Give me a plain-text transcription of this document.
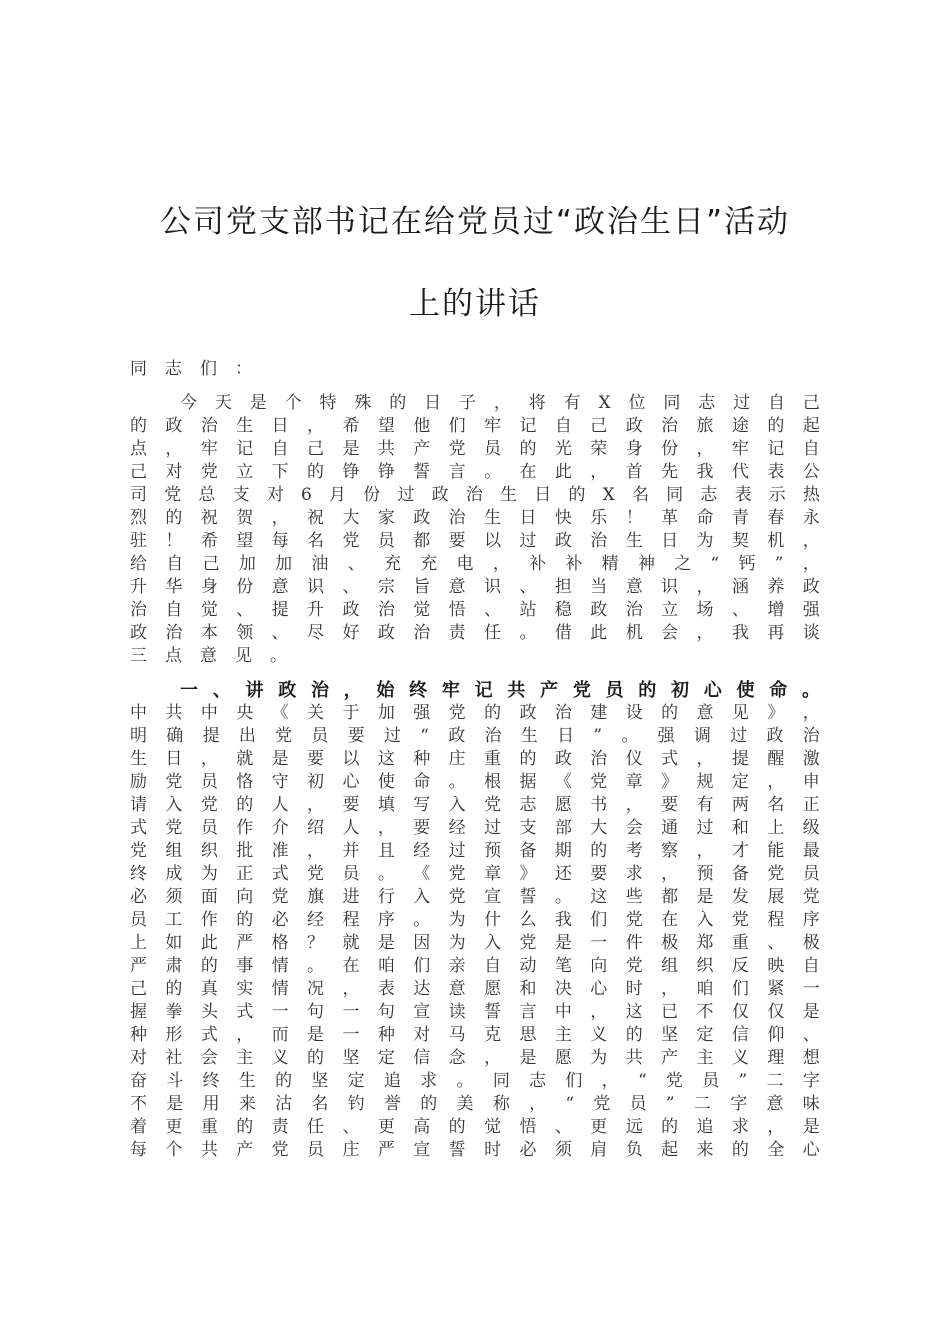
公司党支部书记在给党员过“政治生日”活动
上的讲话
同 志 们 ：
今 天 是 个 特 殊 的 日 子 ， 将 有 X 位 同 志 过 自 己
的 政 治 生 日 ， 希 望 他 们 牢 记 自 己 政 治 旅 途 的 起
点 ， 牢 记 自 己 是 共 产 党 员 的 光 荣 身 份 ， 牢 记 自
己 对 党 立 下 的 铮 铮 誓 言 。 在 此 ， 首 先 我 代 表 公
司 党 总 支 对 6 月 份 过 政 治 生 日 的 X 名 同 志 表 示 热
烈 的 祝 贺 ， 祝 大 家 政 治 生 日 快 乐 ！ 革 命 青 春 永
驻 ！ 希 望 每 名 党 员 都 要 以 过 政 治 生 日 为 契 机 ，
给 自 己 加 加 油 、 充 充 电 ， 补 补 精 神 之 “ 钙 ” ，
升 华 身 份 意 识 、 宗 旨 意 识 、 担 当 意 识 ， 涵 养 政
治 自 觉 、 提 升 政 治 觉 悟 、 站 稳 政 治 立 场 、 增 强
政 治 本 领 、 尽 好 政 治 责 任 。 借 此 机 会 ， 我 再 谈
三 点 意 见 。
一 、 讲 政 治 ， 始 终 牢 记 共 产 党 员 的 初 心 使 命 。
中 共 中 央 《 关 于 加 强 党 的 政 治 建 设 的 意 见 》 ，
明 确 提 出 党 员 要 过 “ 政 治 生 日 ” 。 强 调 过 政 治
生 日 ， 就 是 要 以 这 种 庄 重 的 政 治 仪 式 ， 提 醒 激
励 党 员 恪 守 初 心 使 命 。 根 据 《 党 章 》 规 定 ， 申
请 入 党 的 人 ， 要 填 写 入 党 志 愿 书 ， 要 有 两 名 正
式 党 员 作 介 绍 人 ， 要 经 过 支 部 大 会 通 过 和 上 级
党 组 织 批 准 ， 并 且 经 过 预 备 期 的 考 察 ， 才 能 最
终 成 为 正 式 党 员 。 《 党 章 》 还 要 求 ， 预 备 党 员
必 须 面 向 党 旗 进 行 入 党 宣 誓 。 这 些 都 是 发 展 党
员 工 作 的 必 经 程 序 。 为 什 么 我 们 党 在 入 党 程 序
上 如 此 严 格 ？ 就 是 因 为 入 党 是 一 件 极 郑 重 、 极
严 肃 的 事 情 。 在 咱 们 亲 自 动 笔 向 党 组 织 反 映 自
己 的 真 实 情 况 ， 表 达 意 愿 和 决 心 时 ， 咱 们 紧 一
握 拳 头 式 一 句 一 句 宣 读 誓 言 中 ， 这 已 不 仅 仅 是
种 形 式 ， 而 是 一 种 对 马 克 思 主 义 的 坚 定 信 仰 、
对 社 会 主 义 的 坚 定 信 念 ， 是 愿 为 共 产 主 义 理 想
奋 斗 终 生 的 坚 定 追 求 。 同 志 们 ， “ 党 员 ” 二 字
不 是 用 来 沽 名 钓 誉 的 美 称 ， “ 党 员 ” 二 字 意 味
着 更 重 的 责 任 、 更 高 的 觉 悟 、 更 远 的 追 求 ， 是
每 个 共 产 党 员 庄 严 宣 誓 时 必 须 肩 负 起 来 的 全 心
